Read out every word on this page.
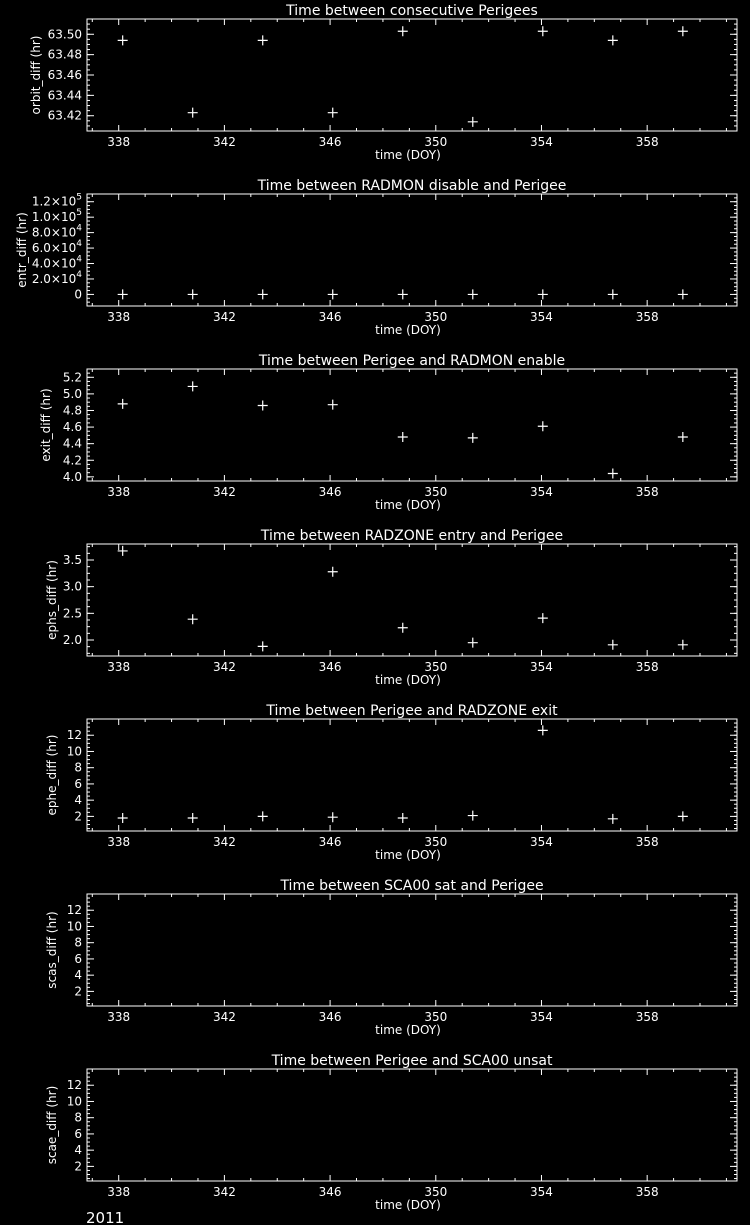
Time between consecutive Perigees
338	342	346	350	354	358
time (DOY)
63.42
63.44
63.46
63.48
63.50
orbit_diff (hr)
Time between RADMON disable and Perigee
338	342	346	350	354	358
time (DOY)
0
$2.0\times 10^4$
$4.0\times 10^4$
$6.0\times 10^4$
$8.0\times 10^4$
$1.0\times 10^5$
$1.2\times 10^5$
entr_diff (hr)
Time between Perigee and RADMON enable
338	342	346	350	354	358
time (DOY)
4.0
4.2
4.4
4.6
4.8
5.0
5.2
exit_diff (hr)
Time between RADZONE entry and Perigee
338	342	346	350	354	358
time (DOY)
2.0
2.5
3.0
3.5
ephs_diff (hr)
Time between Perigee and RADZONE exit
338	342	346	350	354	358
time (DOY)
2
4
6
8
10
12
ephe_diff (hr)
Time between SCA00 sat and Perigee
338	342	346	350	354	358
time (DOY)
2
4
6
8
10
12
scas_diff (hr)
Time between Perigee and SCA00 unsat
338	342	346	350	354	358
time (DOY)
2
4
6
8
10
12
scae_diff (hr)
2011
